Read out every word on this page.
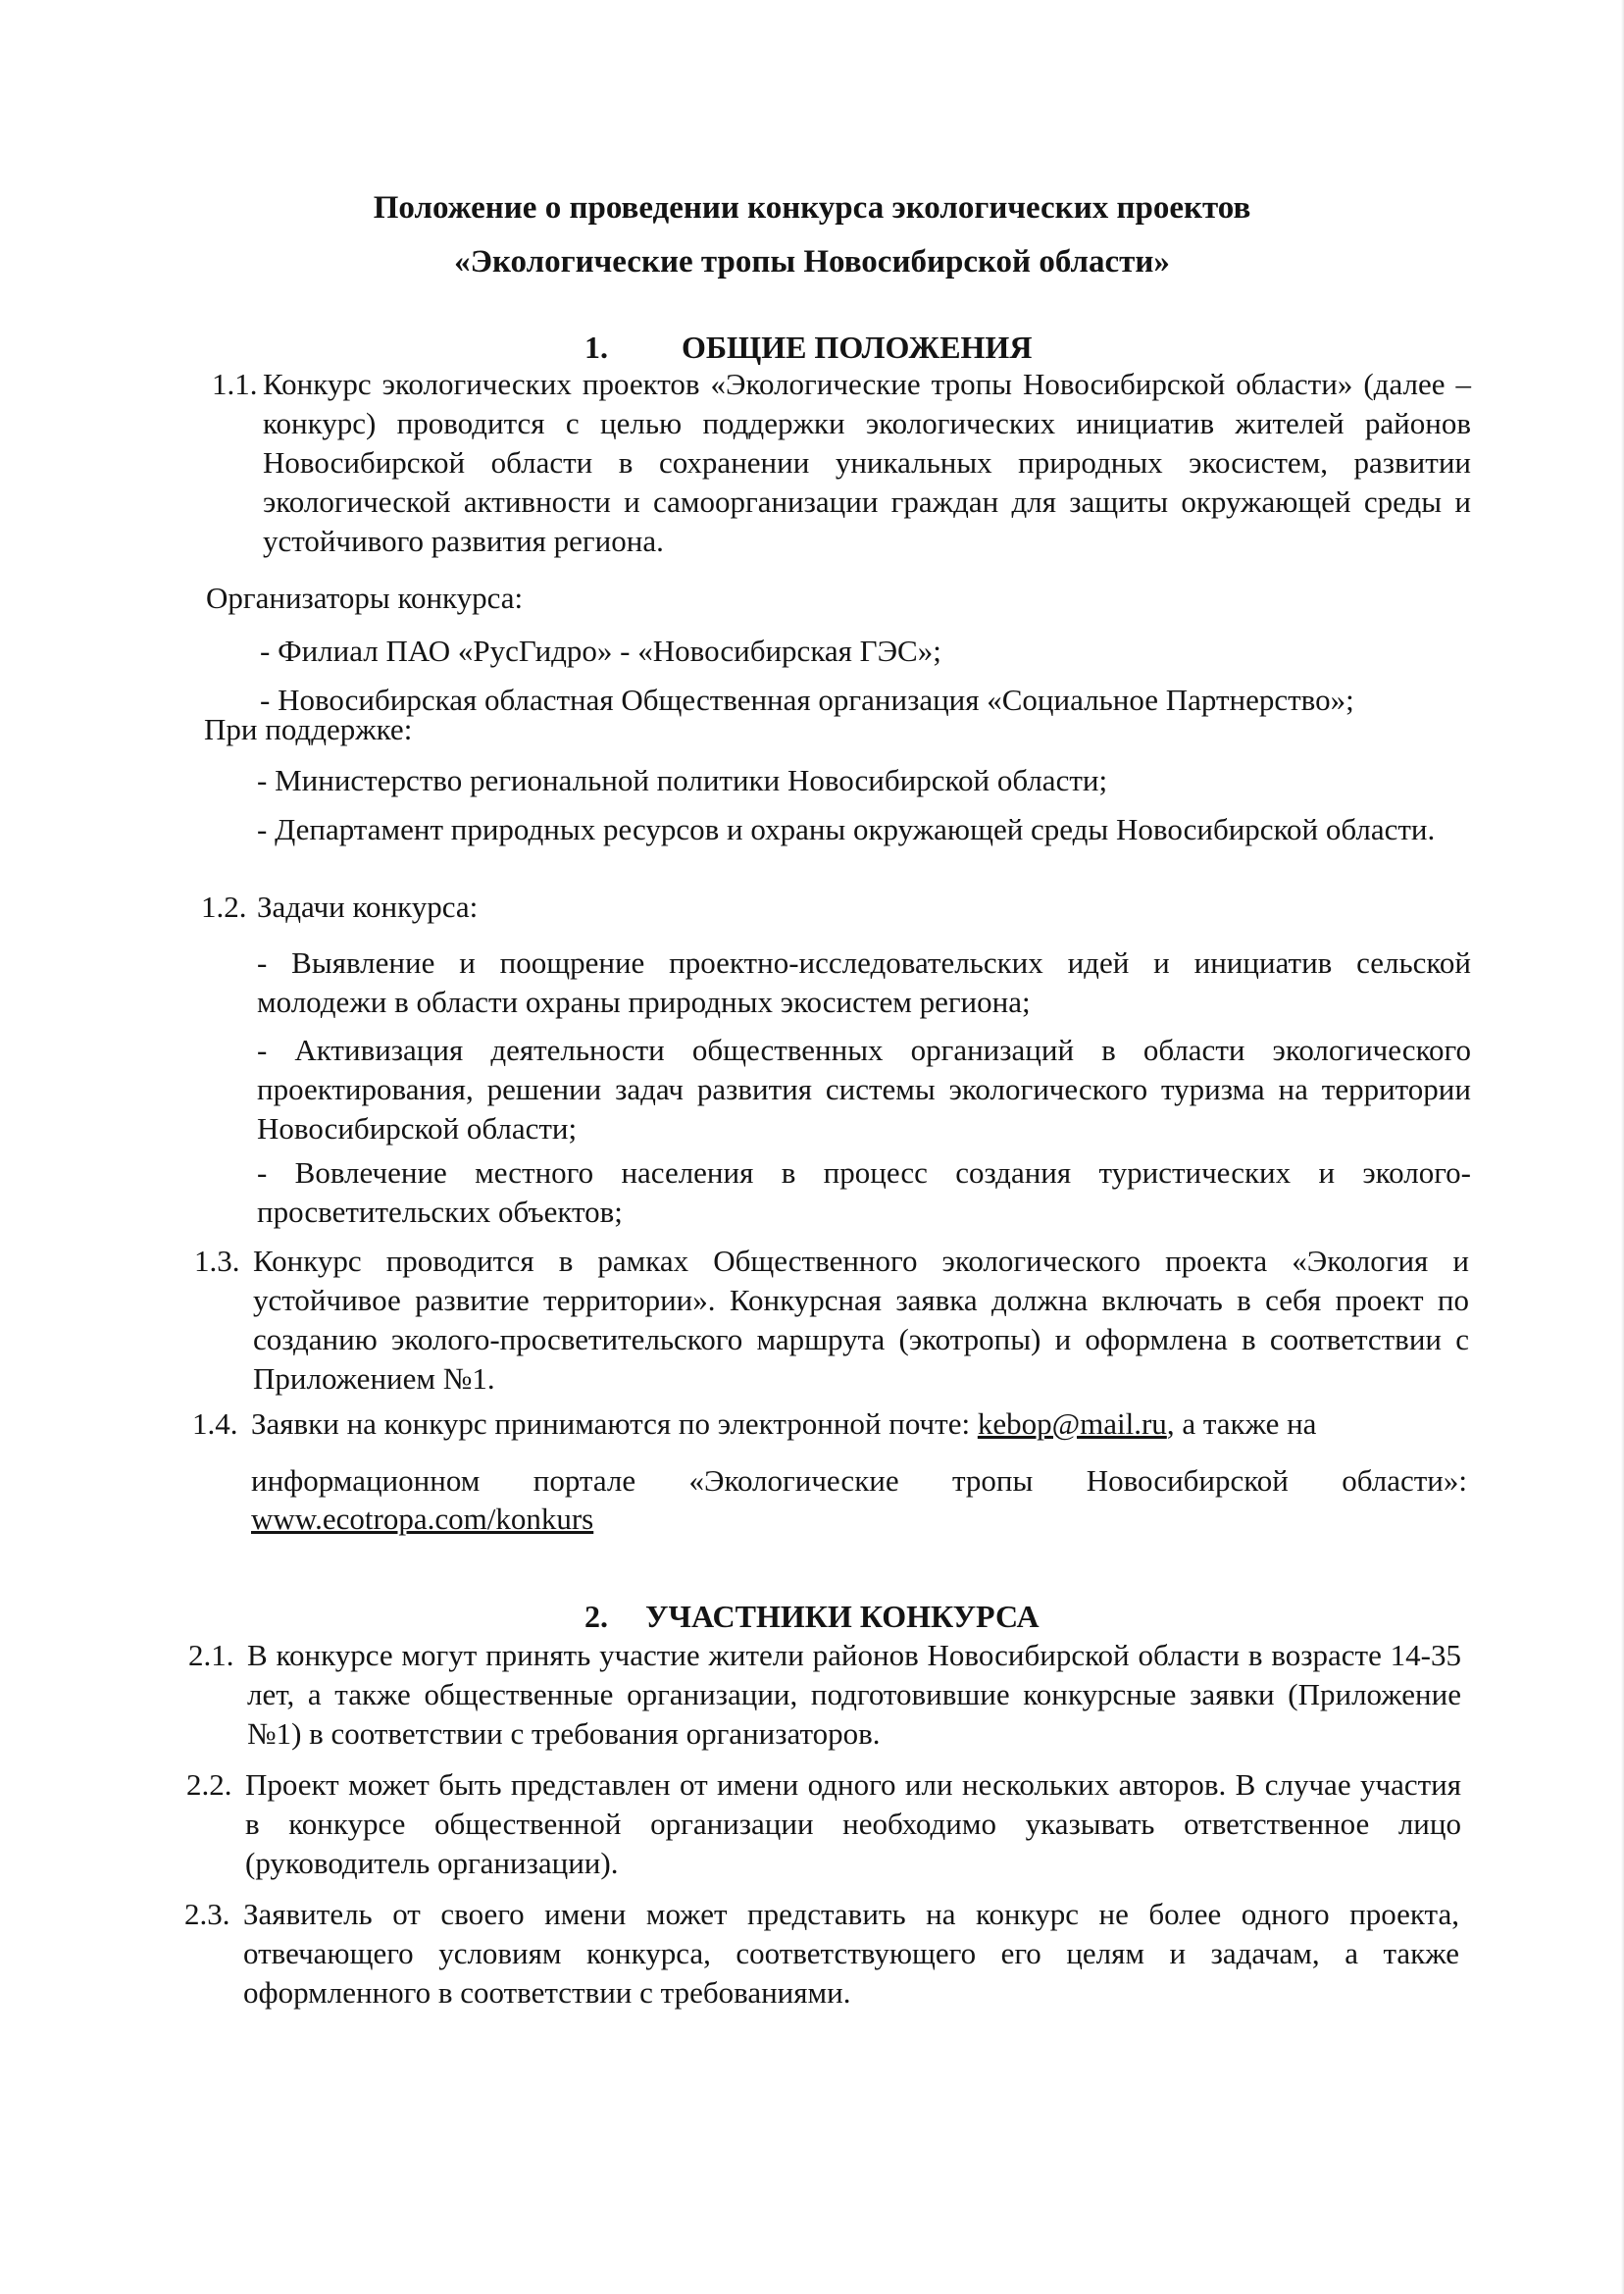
Положение о проведении конкурса экологических проектов
«Экологические тропы Новосибирской области»
1. ОБЩИЕ ПОЛОЖЕНИЯ
1.1. Конкурс экологических проектов «Экологические тропы Новосибирской области» (далее – конкурс) проводится с целью поддержки экологических инициатив жителей районов Новосибирской области в сохранении уникальных природных экосистем, развитии экологической активности и самоорганизации граждан для защиты окружающей среды и устойчивого развития региона.
Организаторы конкурса:
- Филиал ПАО «РусГидро» - «Новосибирская ГЭС»;
- Новосибирская областная Общественная организация «Социальное Партнерство»;
При поддержке:
- Министерство региональной политики Новосибирской области;
- Департамент природных ресурсов и охраны окружающей среды Новосибирской области.
1.2. Задачи конкурса:
- Выявление и поощрение проектно-исследовательских идей и инициатив сельской молодежи в области охраны природных экосистем региона;
- Активизация деятельности общественных организаций в области экологического проектирования, решении задач развития системы экологического туризма на территории Новосибирской области;
- Вовлечение местного населения в процесс создания туристических и эколого-просветительских объектов;
1.3. Конкурс проводится в рамках Общественного экологического проекта «Экология и устойчивое развитие территории». Конкурсная заявка должна включать в себя проект по созданию эколого-просветительского маршрута (экотропы) и оформлена в соответствии с Приложением №1.
1.4. Заявки на конкурс принимаются по электронной почте: kebop@mail.ru, а также на
информационном портале «Экологические тропы Новосибирской области»:
www.ecotropa.com/konkurs
2. УЧАСТНИКИ КОНКУРСА
2.1. В конкурсе могут принять участие жители районов Новосибирской области в возрасте 14-35 лет, а также общественные организации, подготовившие конкурсные заявки (Приложение №1) в соответствии с требования организаторов.
2.2. Проект может быть представлен от имени одного или нескольких авторов. В случае участия в конкурсе общественной организации необходимо указывать ответственное лицо (руководитель организации).
2.3. Заявитель от своего имени может представить на конкурс не более одного проекта, отвечающего условиям конкурса, соответствующего его целям и задачам, а также оформленного в соответствии с требованиями.
